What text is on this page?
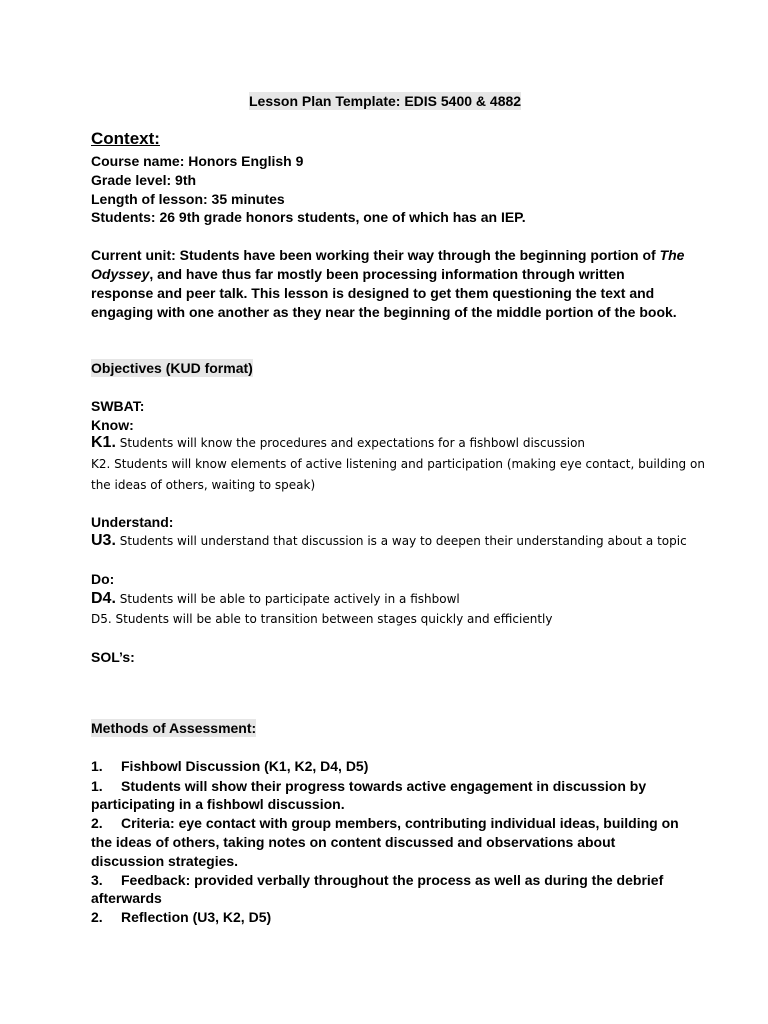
Lesson Plan Template: EDIS 5400 & 4882
Context:
Course name: Honors English 9
Grade level: 9th
Length of lesson: 35 minutes
Students: 26 9th grade honors students, one of which has an IEP.
Current unit: Students have been working their way through the beginning portion of The
Odyssey, and have thus far mostly been processing information through written
response and peer talk. This lesson is designed to get them questioning the text and
engaging with one another as they near the beginning of the middle portion of the book.
Objectives (KUD format)
SWBAT:
Know:
K1. Students will know the procedures and expectations for a fishbowl discussion
K2. Students will know elements of active listening and participation (making eye contact, building on
the ideas of others, waiting to speak)
Understand:
U3. Students will understand that discussion is a way to deepen their understanding about a topic
Do:
D4. Students will be able to participate actively in a fishbowl
D5. Students will be able to transition between stages quickly and efficiently
SOL’s:
Methods of Assessment:
1. Fishbowl Discussion (K1, K2, D4, D5)
1. Students will show their progress towards active engagement in discussion by
participating in a fishbowl discussion.
2. Criteria: eye contact with group members, contributing individual ideas, building on
the ideas of others, taking notes on content discussed and observations about
discussion strategies.
3. Feedback: provided verbally throughout the process as well as during the debrief
afterwards
2. Reflection (U3, K2, D5)
